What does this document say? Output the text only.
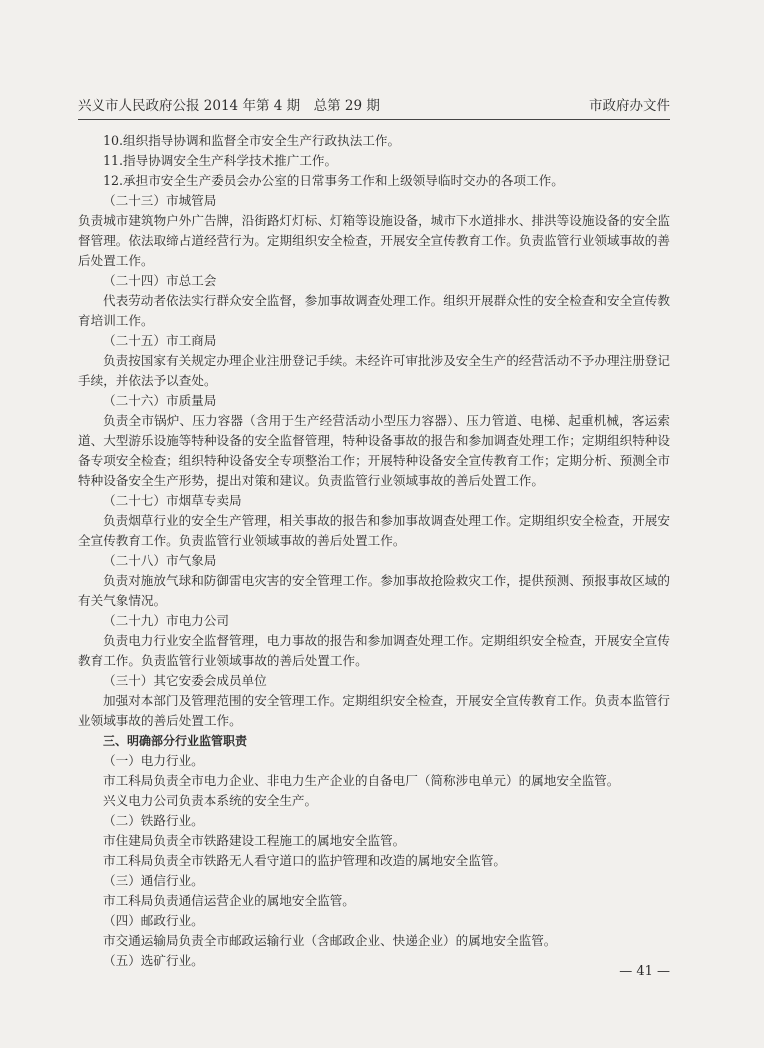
兴义市人民政府公报 2014 年第 4 期　总第 29 期	市政府办文件

10.组织指导协调和监督全市安全生产行政执法工作。

11.指导协调安全生产科学技术推广工作。

12.承担市安全生产委员会办公室的日常事务工作和上级领导临时交办的各项工作。

（二十三）市城管局

负责城市建筑物户外广告牌，沿街路灯灯标、灯箱等设施设备，城市下水道排水、排洪等设施设备的安全监督管理。依法取缔占道经营行为。定期组织安全检查，开展安全宣传教育工作。负责监管行业领域事故的善后处置工作。

（二十四）市总工会

代表劳动者依法实行群众安全监督，参加事故调查处理工作。组织开展群众性的安全检查和安全宣传教育培训工作。

（二十五）市工商局

负责按国家有关规定办理企业注册登记手续。未经许可审批涉及安全生产的经营活动不予办理注册登记手续，并依法予以查处。

（二十六）市质量局

负责全市锅炉、压力容器（含用于生产经营活动小型压力容器）、压力管道、电梯、起重机械，客运索道、大型游乐设施等特种设备的安全监督管理，特种设备事故的报告和参加调查处理工作；定期组织特种设备专项安全检查；组织特种设备安全专项整治工作；开展特种设备安全宣传教育工作；定期分析、预测全市特种设备安全生产形势，提出对策和建议。负责监管行业领域事故的善后处置工作。

（二十七）市烟草专卖局

负责烟草行业的安全生产管理，相关事故的报告和参加事故调查处理工作。定期组织安全检查，开展安全宣传教育工作。负责监管行业领域事故的善后处置工作。

（二十八）市气象局

负责对施放气球和防御雷电灾害的安全管理工作。参加事故抢险救灾工作，提供预测、预报事故区域的有关气象情况。

（二十九）市电力公司

负责电力行业安全监督管理，电力事故的报告和参加调查处理工作。定期组织安全检查，开展安全宣传教育工作。负责监管行业领域事故的善后处置工作。

（三十）其它安委会成员单位

加强对本部门及管理范围的安全管理工作。定期组织安全检查，开展安全宣传教育工作。负责本监管行业领域事故的善后处置工作。

三、明确部分行业监管职责

（一）电力行业。

市工科局负责全市电力企业、非电力生产企业的自备电厂（简称涉电单元）的属地安全监管。

兴义电力公司负责本系统的安全生产。

（二）铁路行业。

市住建局负责全市铁路建设工程施工的属地安全监管。

市工科局负责全市铁路无人看守道口的监护管理和改造的属地安全监管。

（三）通信行业。

市工科局负责通信运营企业的属地安全监管。

（四）邮政行业。

市交通运输局负责全市邮政运输行业（含邮政企业、快递企业）的属地安全监管。

（五）选矿行业。

— 41 —
